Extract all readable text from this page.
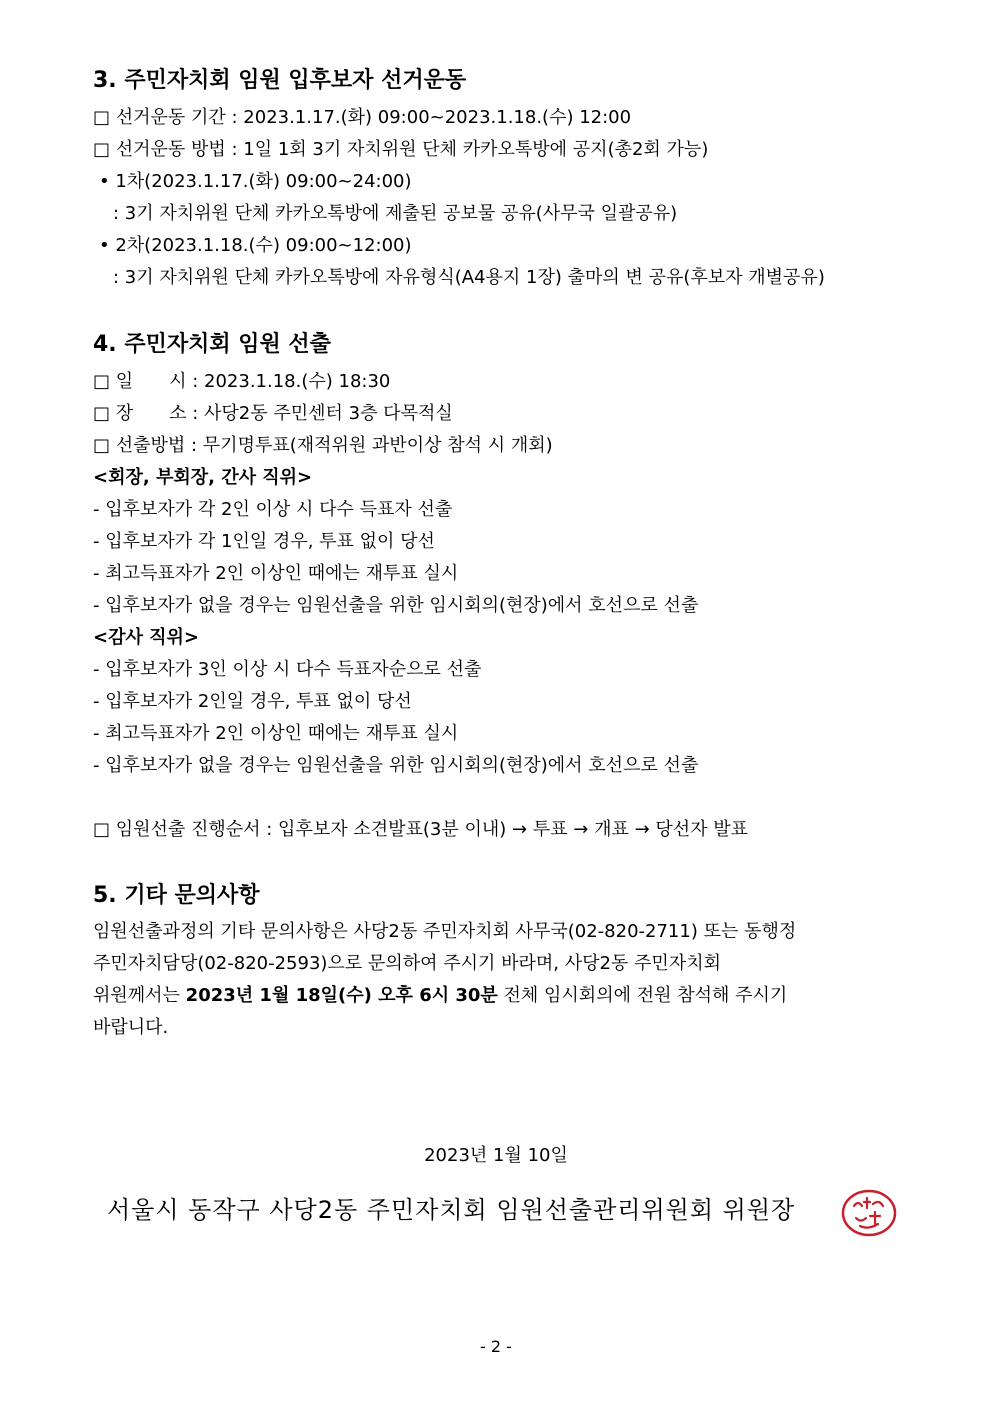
3. 주민자치회 임원 입후보자 선거운동
□ 선거운동 기간 : 2023.1.17.(화) 09:00~2023.1.18.(수) 12:00
□ 선거운동 방법 : 1일 1회 3기 자치위원 단체 카카오톡방에 공지(총2회 가능)
• 1차(2023.1.17.(화) 09:00~24:00)
: 3기 자치위원 단체 카카오톡방에 제출된 공보물 공유(사무국 일괄공유)
• 2차(2023.1.18.(수) 09:00~12:00)
: 3기 자치위원 단체 카카오톡방에 자유형식(A4용지 1장) 출마의 변 공유(후보자 개별공유)
4. 주민자치회 임원 선출
□ 일　　시 : 2023.1.18.(수) 18:30
□ 장　　소 : 사당2동 주민센터 3층 다목적실
□ 선출방법 : 무기명투표(재적위원 과반이상 참석 시 개회)
<회장, 부회장, 간사 직위>
- 입후보자가 각 2인 이상 시 다수 득표자 선출
- 입후보자가 각 1인일 경우, 투표 없이 당선
- 최고득표자가 2인 이상인 때에는 재투표 실시
- 입후보자가 없을 경우는 임원선출을 위한 임시회의(현장)에서 호선으로 선출
<감사 직위>
- 입후보자가 3인 이상 시 다수 득표자순으로 선출
- 입후보자가 2인일 경우, 투표 없이 당선
- 최고득표자가 2인 이상인 때에는 재투표 실시
- 입후보자가 없을 경우는 임원선출을 위한 임시회의(현장)에서 호선으로 선출
□ 임원선출 진행순서 : 입후보자 소견발표(3분 이내) → 투표 → 개표 → 당선자 발표
5. 기타 문의사항
임원선출과정의 기타 문의사항은 사당2동 주민자치회 사무국(02-820-2711) 또는 동행정
주민자치담당(02-820-2593)으로 문의하여 주시기 바라며, 사당2동 주민자치회
위원께서는 2023년 1월 18일(수) 오후 6시 30분 전체 임시회의에 전원 참석해 주시기
바랍니다.
2023년 1월 10일
서울시 동작구 사당2동 주민자치회 임원선출관리위원회 위원장
- 2 -
